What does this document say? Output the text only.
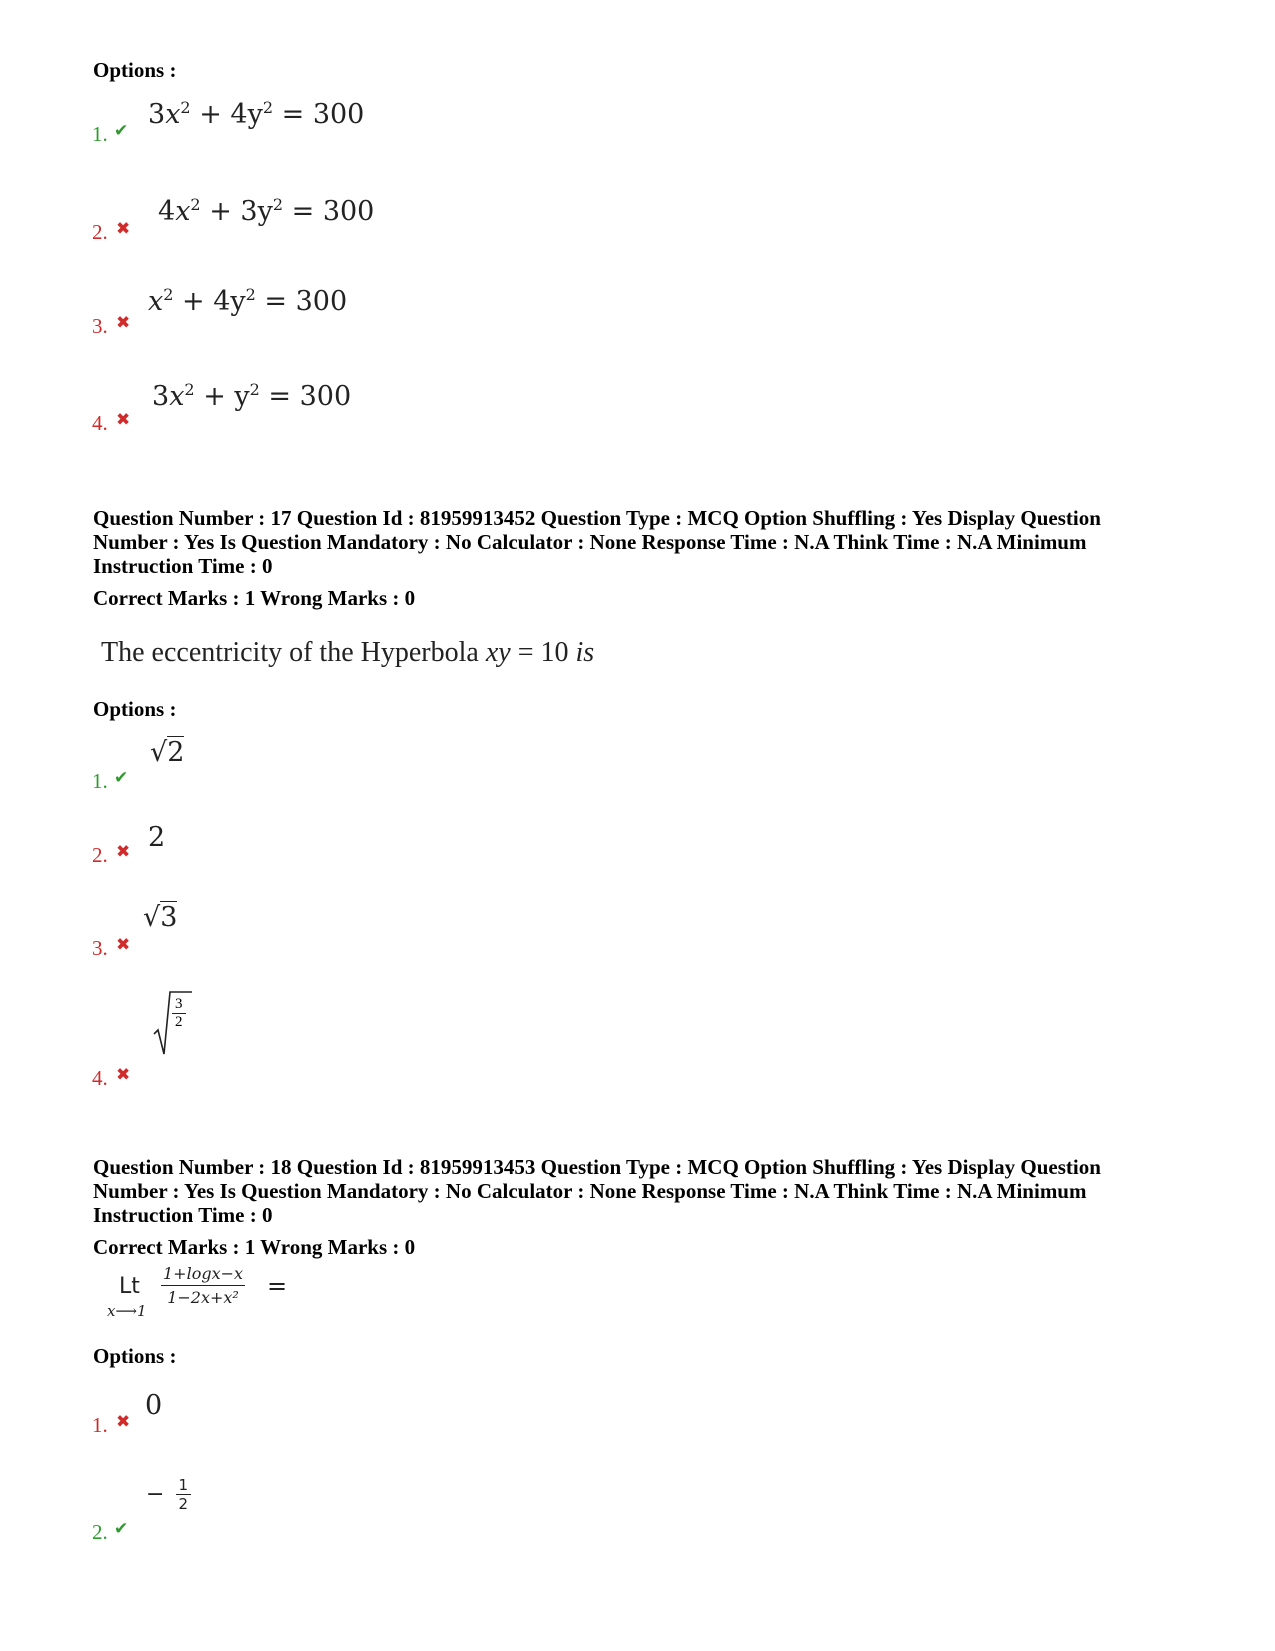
Options :
1. ✔
$3x^2 + 4y^2 = 300$
2. ✖
$4x^2 + 3y^2 = 300$
3. ✖
$x^2 + 4y^2 = 300$
4. ✖
$3x^2 + y^2 = 300$
Question Number : 17 Question Id : 81959913452 Question Type : MCQ Option Shuffling : Yes Display Question Number : Yes Is Question Mandatory : No Calculator : None Response Time : N.A Think Time : N.A Minimum Instruction Time : 0
Correct Marks : 1 Wrong Marks : 0
The eccentricity of the Hyperbola xy = 10 is
Options :
1. ✔
√2
2. ✖ 2
3. ✖
√3
4. ✖
$\frac{3}{2}$
Question Number : 18 Question Id : 81959913453 Question Type : MCQ Option Shuffling : Yes Display Question Number : Yes Is Question Mandatory : No Calculator : None Response Time : N.A Think Time : N.A Minimum Instruction Time : 0
Correct Marks : 1 Wrong Marks : 0
Lt
x⟶1
$\frac{1+\log x-x}{\text{1−2x+x²}}$ =
Options :
1. ✖
0
2. ✔
− $\frac{1}{2}$
